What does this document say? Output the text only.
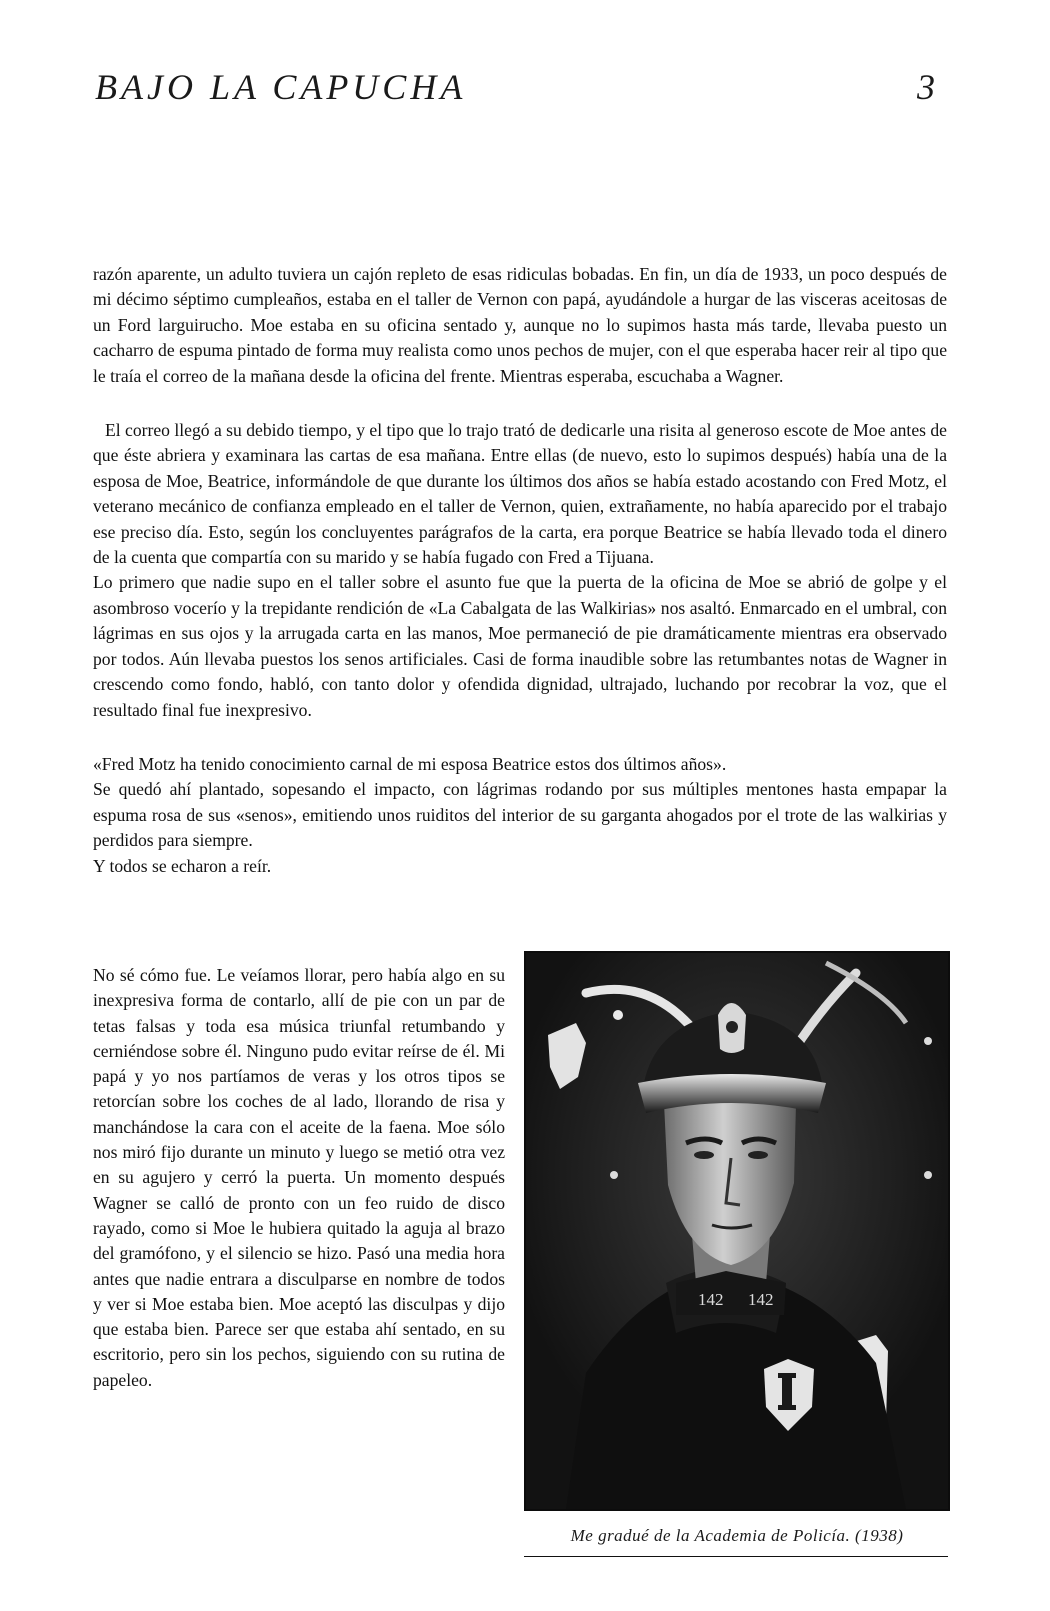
BAJO LA CAPUCHA	3

razón aparente, un adulto tuviera un cajón repleto de esas ridiculas bobadas. En fin, un día de 1933, un poco después de mi décimo séptimo cumpleaños, estaba en el taller de Vernon con papá, ayudándole a hurgar de las visceras aceitosas de un Ford larguirucho. Moe estaba en su oficina sentado y, aunque no lo supimos hasta más tarde, llevaba puesto un cacharro de espuma pintado de forma muy realista como unos pechos de mujer, con el que esperaba hacer reir al tipo que le traía el correo de la mañana desde la oficina del frente. Mientras esperaba, escuchaba a Wagner.

El correo llegó a su debido tiempo, y el tipo que lo trajo trató de dedicarle una risita al generoso escote de Moe antes de que éste abriera y examinara las cartas de esa mañana. Entre ellas (de nuevo, esto lo supimos después) había una de la esposa de Moe, Beatrice, informándole de que durante los últimos dos años se había estado acostando con Fred Motz, el veterano mecánico de confianza empleado en el taller de Vernon, quien, extrañamente, no había aparecido por el trabajo ese preciso día. Esto, según los concluyentes parágrafos de la carta, era porque Beatrice se había llevado toda el dinero de la cuenta que compartía con su marido y se había fugado con Fred a Tijuana.

Lo primero que nadie supo en el taller sobre el asunto fue que la puerta de la oficina de Moe se abrió de golpe y el asombroso vocerío y la trepidante rendición de «La Cabalgata de las Walkirias» nos asaltó. Enmarcado en el umbral, con lágrimas en sus ojos y la arrugada carta en las manos, Moe permaneció de pie dramáticamente mientras era observado por todos. Aún llevaba puestos los senos artificiales. Casi de forma inaudible sobre las retumbantes notas de Wagner in crescendo como fondo, habló, con tanto dolor y ofendida dignidad, ultrajado, luchando por recobrar la voz, que el resultado final fue inexpresivo.

«Fred Motz ha tenido conocimiento carnal de mi esposa Beatrice estos dos últimos años».

Se quedó ahí plantado, sopesando el impacto, con lágrimas rodando por sus múltiples mentones hasta empapar la espuma rosa de sus «senos», emitiendo unos ruiditos del interior de su garganta ahogados por el trote de las walkirias y perdidos para siempre.

Y todos se echaron a reír.

No sé cómo fue. Le veíamos llorar, pero había algo en su inexpresiva forma de contarlo, allí de pie con un par de tetas falsas y toda esa música triunfal retumbando y cerniéndose sobre él. Ninguno pudo evitar reírse de él. Mi papá y yo nos partíamos de veras y los otros tipos se retorcían sobre los coches de al lado, llorando de risa y manchándose la cara con el aceite de la faena. Moe sólo nos miró fijo durante un minuto y luego se metió otra vez en su agujero y cerró la puerta. Un momento después Wagner se calló de pronto con un feo ruido de disco rayado, como si Moe le hubiera quitado la aguja al brazo del gramófono, y el silencio se hizo. Pasó una media hora antes que nadie entrara a disculparse en nombre de todos y ver si Moe estaba bien. Moe aceptó las disculpas y dijo que estaba bien. Parece ser que estaba ahí sentado, en su escritorio, pero sin los pechos, siguiendo con su rutina de papeleo.

142 142
Me gradué de la Academia de Policía. (1938)
